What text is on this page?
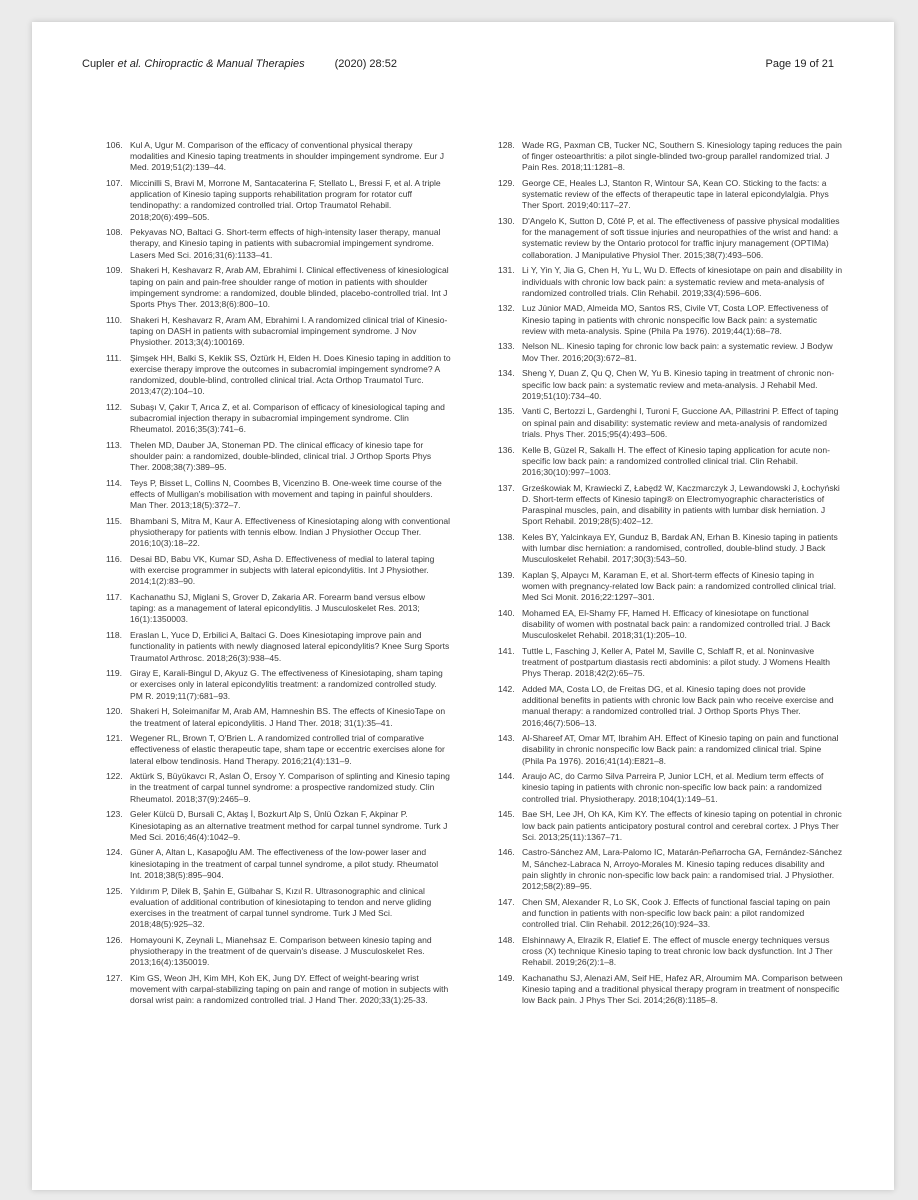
Cupler et al. Chiropractic & Manual Therapies	(2020) 28:52	Page 19 of 21
106. Kul A, Ugur M. Comparison of the efficacy of conventional physical therapy modalities and Kinesio taping treatments in shoulder impingement syndrome. Eur J Med. 2019;51(2):139–44.
107. Miccinilli S, Bravi M, Morrone M, Santacaterina F, Stellato L, Bressi F, et al. A triple application of Kinesio taping supports rehabilitation program for rotator cuff tendinopathy: a randomized controlled trial. Ortop Traumatol Rehabil. 2018;20(6):499–505.
108. Pekyavas NO, Baltaci G. Short-term effects of high-intensity laser therapy, manual therapy, and Kinesio taping in patients with subacromial impingement syndrome. Lasers Med Sci. 2016;31(6):1133–41.
109. Shakeri H, Keshavarz R, Arab AM, Ebrahimi I. Clinical effectiveness of kinesiological taping on pain and pain-free shoulder range of motion in patients with shoulder impingement syndrome: a randomized, double blinded, placebo-controlled trial. Int J Sports Phys Ther. 2013;8(6):800–10.
110. Shakeri H, Keshavarz R, Aram AM, Ebrahimi I. A randomized clinical trial of Kinesio-taping on DASH in patients with subacromial impingement syndrome. J Nov Physiother. 2013;3(4):100169.
111.	Şimşek HH, Balki S, Keklik SS, Öztürk H, Elden H. Does Kinesio taping in addition to exercise therapy improve the outcomes in subacromial impingement syndrome? A randomized, double-blind, controlled clinical trial. Acta Orthop Traumatol Turc. 2013;47(2):104–10.
112. Subaşı V, Çakır T, Arıca Z, et al. Comparison of efficacy of kinesiological taping and subacromial injection therapy in subacromial impingement syndrome. Clin Rheumatol. 2016;35(3):741–6.
113. Thelen MD, Dauber JA, Stoneman PD. The clinical efficacy of kinesio tape for shoulder pain: a randomized, double-blinded, clinical trial. J Orthop Sports Phys Ther. 2008;38(7):389–95.
114. Teys P, Bisset L, Collins N, Coombes B, Vicenzino B. One-week time course of the effects of Mulligan's mobilisation with movement and taping in painful shoulders. Man Ther. 2013;18(5):372–7.
115. Bhambani S, Mitra M, Kaur A. Effectiveness of Kinesiotaping along with conventional physiotherapy for patients with tennis elbow. Indian J Physiother Occup Ther. 2016;10(3):18–22.
116. Desai BD, Babu VK, Kumar SD, Asha D. Effectiveness of medial to lateral taping with exercise programmer in subjects with lateral epicondylitis. Int J Physiother. 2014;1(2):83–90.
117. Kachanathu SJ, Miglani S, Grover D, Zakaria AR. Forearm band versus elbow taping: as a management of lateral epicondylitis. J Musculoskelet Res. 2013; 16(1):1350003.
118. Eraslan L, Yuce D, Erbilici A, Baltaci G. Does Kinesiotaping improve pain and functionality in patients with newly diagnosed lateral epicondylitis? Knee Surg Sports Traumatol Arthrosc. 2018;26(3):938–45.
119. Giray E, Karali-Bingul D, Akyuz G. The effectiveness of Kinesiotaping, sham taping or exercises only in lateral epicondylitis treatment: a randomized controlled study. PM R. 2019;11(7):681–93.
120. Shakeri H, Soleimanifar M, Arab AM, Hamneshin BS. The effects of KinesioTape on the treatment of lateral epicondylitis. J Hand Ther. 2018; 31(1):35–41.
121. Wegener RL, Brown T, O'Brien L. A randomized controlled trial of comparative effectiveness of elastic therapeutic tape, sham tape or eccentric exercises alone for lateral elbow tendinosis. Hand Therapy. 2016;21(4):131–9.
122. Aktürk S, Büyükavcı R, Aslan Ö, Ersoy Y. Comparison of splinting and Kinesio taping in the treatment of carpal tunnel syndrome: a prospective randomized study. Clin Rheumatol. 2018;37(9):2465–9.
123. Geler Külcü D, Bursali C, Aktaş İ, Bozkurt Alp S, Ünlü Özkan F, Akpinar P. Kinesiotaping as an alternative treatment method for carpal tunnel syndrome. Turk J Med Sci. 2016;46(4):1042–9.
124. Güner A, Altan L, Kasapoğlu AM. The effectiveness of the low-power laser and kinesiotaping in the treatment of carpal tunnel syndrome, a pilot study. Rheumatol Int. 2018;38(5):895–904.
125. Yıldırım P, Dilek B, Şahin E, Gülbahar S, Kızıl R. Ultrasonographic and clinical evaluation of additional contribution of kinesiotaping to tendon and nerve gliding exercises in the treatment of carpal tunnel syndrome. Turk J Med Sci. 2018;48(5):925–32.
126. Homayouni K, Zeynali L, Mianehsaz E. Comparison between kinesio taping and physiotherapy in the treatment of de quervain's disease. J Musculoskelet Res. 2013;16(4):1350019.
127. Kim GS, Weon JH, Kim MH, Koh EK, Jung DY. Effect of weight-bearing wrist movement with carpal-stabilizing taping on pain and range of motion in subjects with dorsal wrist pain: a randomized controlled trial. J Hand Ther. 2020;33(1):25-33.
128. Wade RG, Paxman CB, Tucker NC, Southern S. Kinesiology taping reduces the pain of finger osteoarthritis: a pilot single-blinded two-group parallel randomized trial. J Pain Res. 2018;11:1281–8.
129. George CE, Heales LJ, Stanton R, Wintour SA, Kean CO. Sticking to the facts: a systematic review of the effects of therapeutic tape in lateral epicondylalgia. Phys Ther Sport. 2019;40:117–27.
130. D'Angelo K, Sutton D, Côté P, et al. The effectiveness of passive physical modalities for the management of soft tissue injuries and neuropathies of the wrist and hand: a systematic review by the Ontario protocol for traffic injury management (OPTIMa) collaboration. J Manipulative Physiol Ther. 2015;38(7):493–506.
131. Li Y, Yin Y, Jia G, Chen H, Yu L, Wu D. Effects of kinesiotape on pain and disability in individuals with chronic low back pain: a systematic review and meta-analysis of randomized controlled trials. Clin Rehabil. 2019;33(4):596–606.
132. Luz Júnior MAD, Almeida MO, Santos RS, Civile VT, Costa LOP. Effectiveness of Kinesio taping in patients with chronic nonspecific low Back pain: a systematic review with meta-analysis. Spine (Phila Pa 1976). 2019;44(1):68–78.
133. Nelson NL. Kinesio taping for chronic low back pain: a systematic review. J Bodyw Mov Ther. 2016;20(3):672–81.
134. Sheng Y, Duan Z, Qu Q, Chen W, Yu B. Kinesio taping in treatment of chronic non-specific low back pain: a systematic review and meta-analysis. J Rehabil Med. 2019;51(10):734–40.
135. Vanti C, Bertozzi L, Gardenghi I, Turoni F, Guccione AA, Pillastrini P. Effect of taping on spinal pain and disability: systematic review and meta-analysis of randomized trials. Phys Ther. 2015;95(4):493–506.
136. Kelle B, Güzel R, Sakallı H. The effect of Kinesio taping application for acute non-specific low back pain: a randomized controlled clinical trial. Clin Rehabil. 2016;30(10):997–1003.
137. Grześkowiak M, Krawiecki Z, Łabędź W, Kaczmarczyk J, Lewandowski J, Łochyński D. Short-term effects of Kinesio taping® on Electromyographic characteristics of Paraspinal muscles, pain, and disability in patients with lumbar disk herniation. J Sport Rehabil. 2019;28(5):402–12.
138. Keles BY, Yalcinkaya EY, Gunduz B, Bardak AN, Erhan B. Kinesio taping in patients with lumbar disc herniation: a randomised, controlled, double-blind study. J Back Musculoskelet Rehabil. 2017;30(3):543–50.
139. Kaplan Ş, Alpaycı M, Karaman E, et al. Short-term effects of Kinesio taping in women with pregnancy-related low Back pain: a randomized controlled clinical trial. Med Sci Monit. 2016;22:1297–301.
140. Mohamed EA, El-Shamy FF, Hamed H. Efficacy of kinesiotape on functional disability of women with postnatal back pain: a randomized controlled trial. J Back Musculoskelet Rehabil. 2018;31(1):205–10.
141. Tuttle L, Fasching J, Keller A, Patel M, Saville C, Schlaff R, et al. Noninvasive treatment of postpartum diastasis recti abdominis: a pilot study. J Womens Health Phys Therap. 2018;42(2):65–75.
142. Added MA, Costa LO, de Freitas DG, et al. Kinesio taping does not provide additional benefits in patients with chronic low Back pain who receive exercise and manual therapy: a randomized controlled trial. J Orthop Sports Phys Ther. 2016;46(7):506–13.
143. Al-Shareef AT, Omar MT, Ibrahim AH. Effect of Kinesio taping on pain and functional disability in chronic nonspecific low Back pain: a randomized clinical trial. Spine (Phila Pa 1976). 2016;41(14):E821–8.
144. Araujo AC, do Carmo Silva Parreira P, Junior LCH, et al. Medium term effects of kinesio taping in patients with chronic non-specific low back pain: a randomized controlled trial. Physiotherapy. 2018;104(1):149–51.
145. Bae SH, Lee JH, Oh KA, Kim KY. The effects of kinesio taping on potential in chronic low back pain patients anticipatory postural control and cerebral cortex. J Phys Ther Sci. 2013;25(11):1367–71.
146. Castro-Sánchez AM, Lara-Palomo IC, Matarán-Peñarrocha GA, Fernández-Sánchez M, Sánchez-Labraca N, Arroyo-Morales M. Kinesio taping reduces disability and pain slightly in chronic non-specific low back pain: a randomised trial. J Physiother. 2012;58(2):89–95.
147. Chen SM, Alexander R, Lo SK, Cook J. Effects of functional fascial taping on pain and function in patients with non-specific low back pain: a pilot randomized controlled trial. Clin Rehabil. 2012;26(10):924–33.
148. Elshinnawy A, Elrazik R, Elatief E. The effect of muscle energy techniques versus cross (X) technique Kinesio taping to treat chronic low back dysfunction. Int J Ther Rehabil. 2019;26(2):1–8.
149. Kachanathu SJ, Alenazi AM, Seif HE, Hafez AR, Alroumim MA. Comparison between Kinesio taping and a traditional physical therapy program in treatment of nonspecific low Back pain. J Phys Ther Sci. 2014;26(8):1185–8.
